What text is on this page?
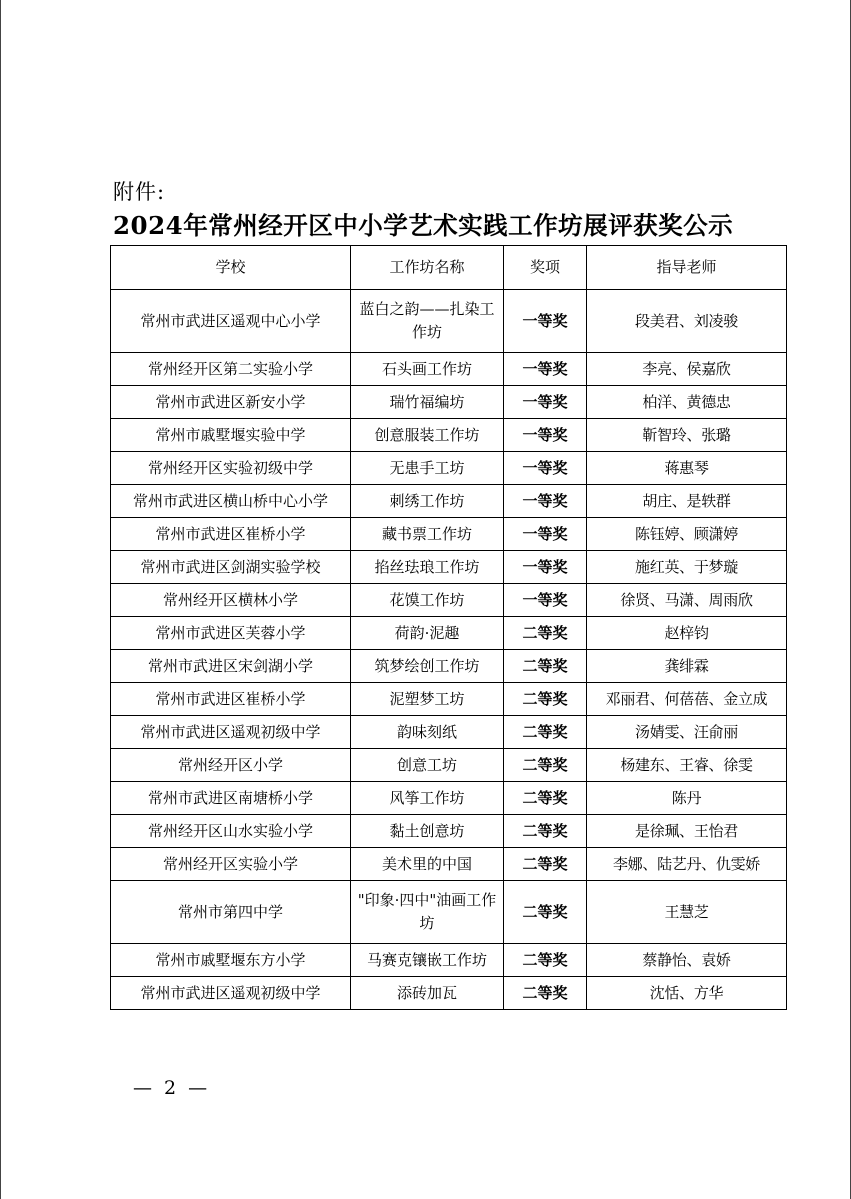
附件:
2024年常州经开区中小学艺术实践工作坊展评获奖公示
学校	工作坊名称	奖项	指导老师
常州市武进区遥观中心小学	蓝白之韵——扎染工作坊	一等奖	段美君、刘凌骏
常州经开区第二实验小学	石头画工作坊	一等奖	李亮、侯嘉欣
常州市武进区新安小学	瑞竹福编坊	一等奖	柏洋、黄德忠
常州市戚墅堰实验中学	创意服装工作坊	一等奖	靳智玲、张璐
常州经开区实验初级中学	无患手工坊	一等奖	蒋惠琴
常州市武进区横山桥中心小学	刺绣工作坊	一等奖	胡庄、是轶群
常州市武进区崔桥小学	藏书票工作坊	一等奖	陈钰婷、顾潇婷
常州市武进区剑湖实验学校	掐丝珐琅工作坊	一等奖	施红英、于梦璇
常州经开区横林小学	花馍工作坊	一等奖	徐贤、马潇、周雨欣
常州市武进区芙蓉小学	荷韵·泥趣	二等奖	赵梓钧
常州市武进区宋剑湖小学	筑梦绘创工作坊	二等奖	龚绯霖
常州市武进区崔桥小学	泥塑梦工坊	二等奖	邓丽君、何蓓蓓、金立成
常州市武进区遥观初级中学	韵味刻纸	二等奖	汤婧雯、汪俞丽
常州经开区小学	创意工坊	二等奖	杨建东、王睿、徐雯
常州市武进区南塘桥小学	风筝工作坊	二等奖	陈丹
常州经开区山水实验小学	黏土创意坊	二等奖	是徐珮、王怡君
常州经开区实验小学	美术里的中国	二等奖	李娜、陆艺丹、仇雯娇
常州市第四中学	"印象·四中"油画工作坊	二等奖	王慧芝
常州市戚墅堰东方小学	马赛克镶嵌工作坊	二等奖	蔡静怡、袁娇
常州市武进区遥观初级中学	添砖加瓦	二等奖	沈恬、方华
— 2 —
